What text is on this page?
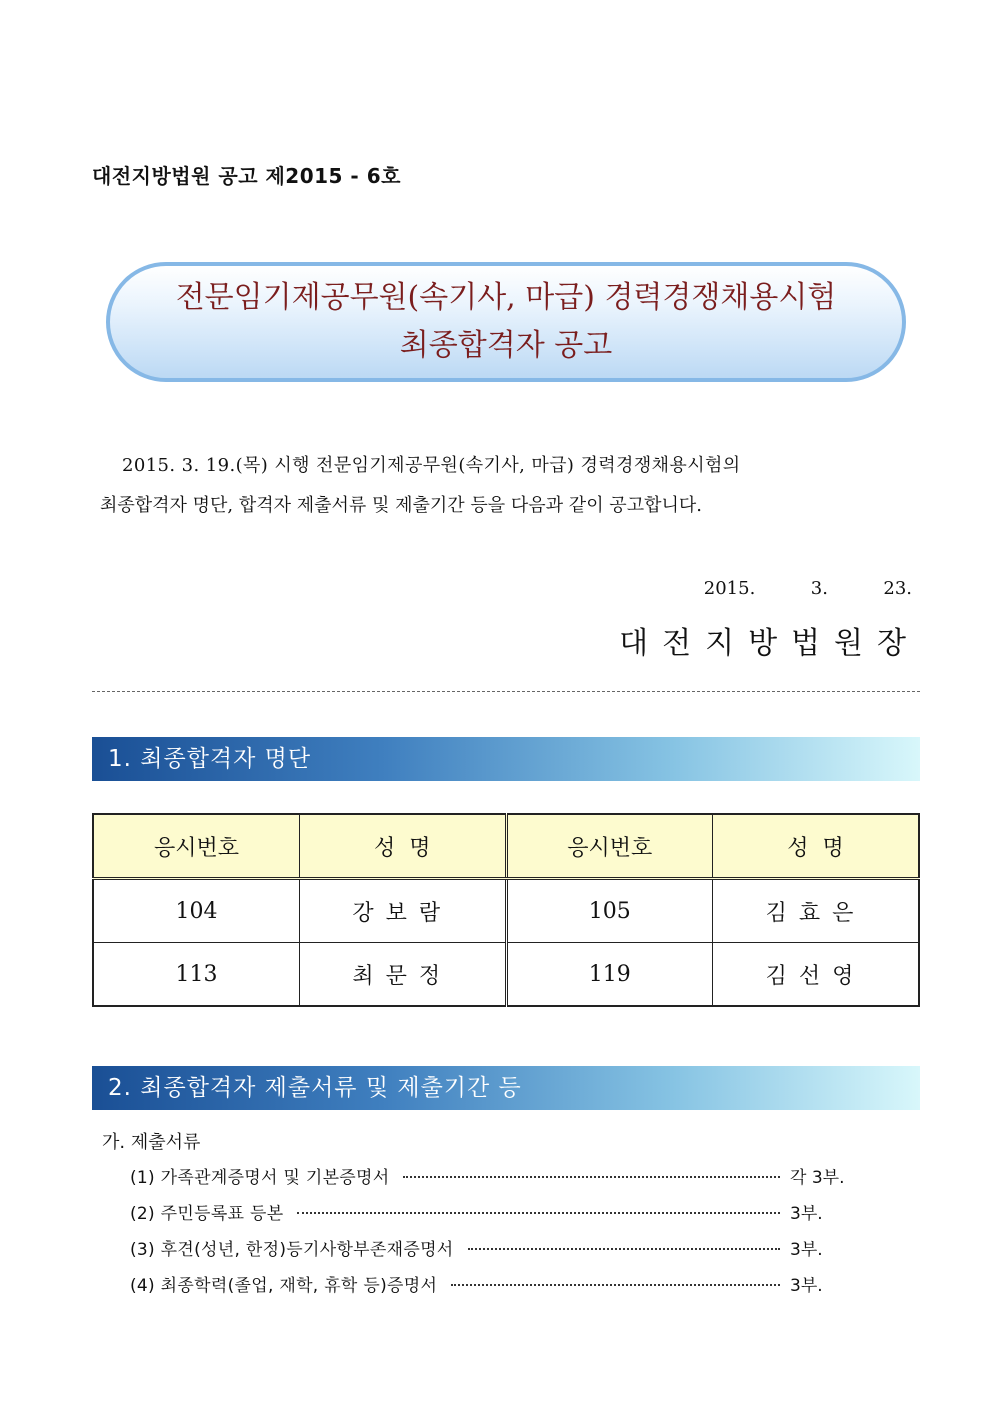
대전지방법원 공고 제2015 - 6호
전문임기제공무원(속기사, 마급) 경력경쟁채용시험
최종합격자 공고
2015. 3. 19.(목) 시행 전문임기제공무원(속기사, 마급) 경력경쟁채용시험의
최종합격자 명단, 합격자 제출서류 및 제출기간 등을 다음과 같이 공고합니다.
2015.  3.  23.
대전지방법원장
1. 최종합격자 명단
응시번호	성  명	응시번호	성  명
104	강보람	105	김효은
113	최문정	119	김선영
2. 최종합격자 제출서류 및 제출기간 등
가. 제출서류
(1) 가족관계증명서 및 기본증명서	각 3부.
(2) 주민등록표 등본	3부.
(3) 후견(성년, 한정)등기사항부존재증명서	3부.
(4) 최종학력(졸업, 재학, 휴학 등)증명서	3부.
